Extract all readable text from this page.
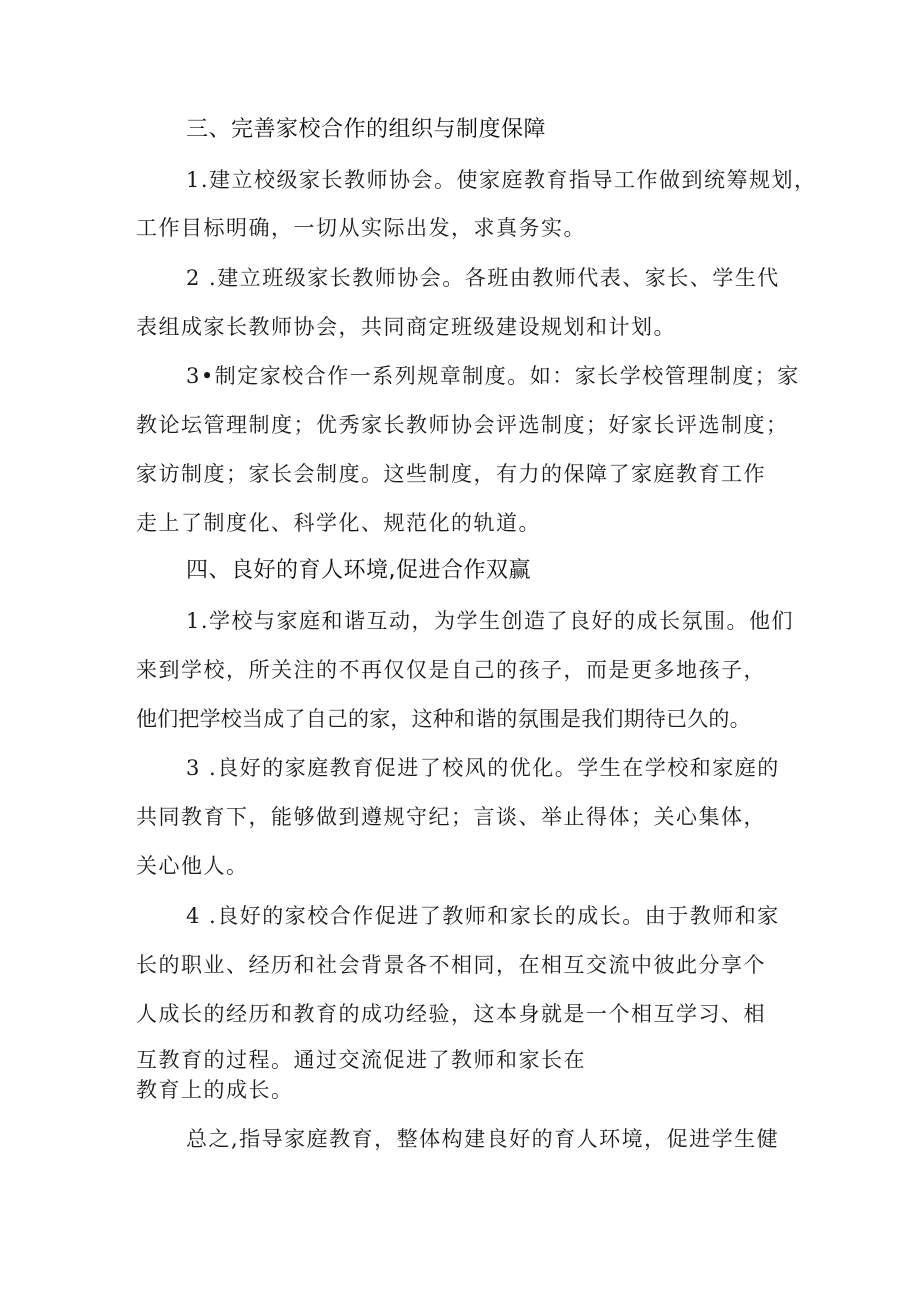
三、完善家校合作的组织与制度保障
1.建立校级家长教师协会。使家庭教育指导工作做到统筹规划，
工作目标明确，一切从实际出发，求真务实。
2 .建立班级家长教师协会。各班由教师代表、家长、学生代
表组成家长教师协会，共同商定班级建设规划和计划。
3•制定家校合作一系列规章制度。如：家长学校管理制度；家
教论坛管理制度；优秀家长教师协会评选制度；好家长评选制度；
家访制度；家长会制度。这些制度，有力的保障了家庭教育工作
走上了制度化、科学化、规范化的轨道。
四、良好的育人环境,促进合作双赢
1.学校与家庭和谐互动，为学生创造了良好的成长氛围。他们
来到学校，所关注的不再仅仅是自己的孩子，而是更多地孩子，
他们把学校当成了自己的家，这种和谐的氛围是我们期待已久的。
3 .良好的家庭教育促进了校风的优化。学生在学校和家庭的
共同教育下，能够做到遵规守纪；言谈、举止得体；关心集体，
关心他人。
4 .良好的家校合作促进了教师和家长的成长。由于教师和家
长的职业、经历和社会背景各不相同，在相互交流中彼此分享个
人成长的经历和教育的成功经验，这本身就是一个相互学习、相
互教育的过程。通过交流促进了教师和家长在
教育上的成长。
总之,指导家庭教育，整体构建良好的育人环境，促进学生健
